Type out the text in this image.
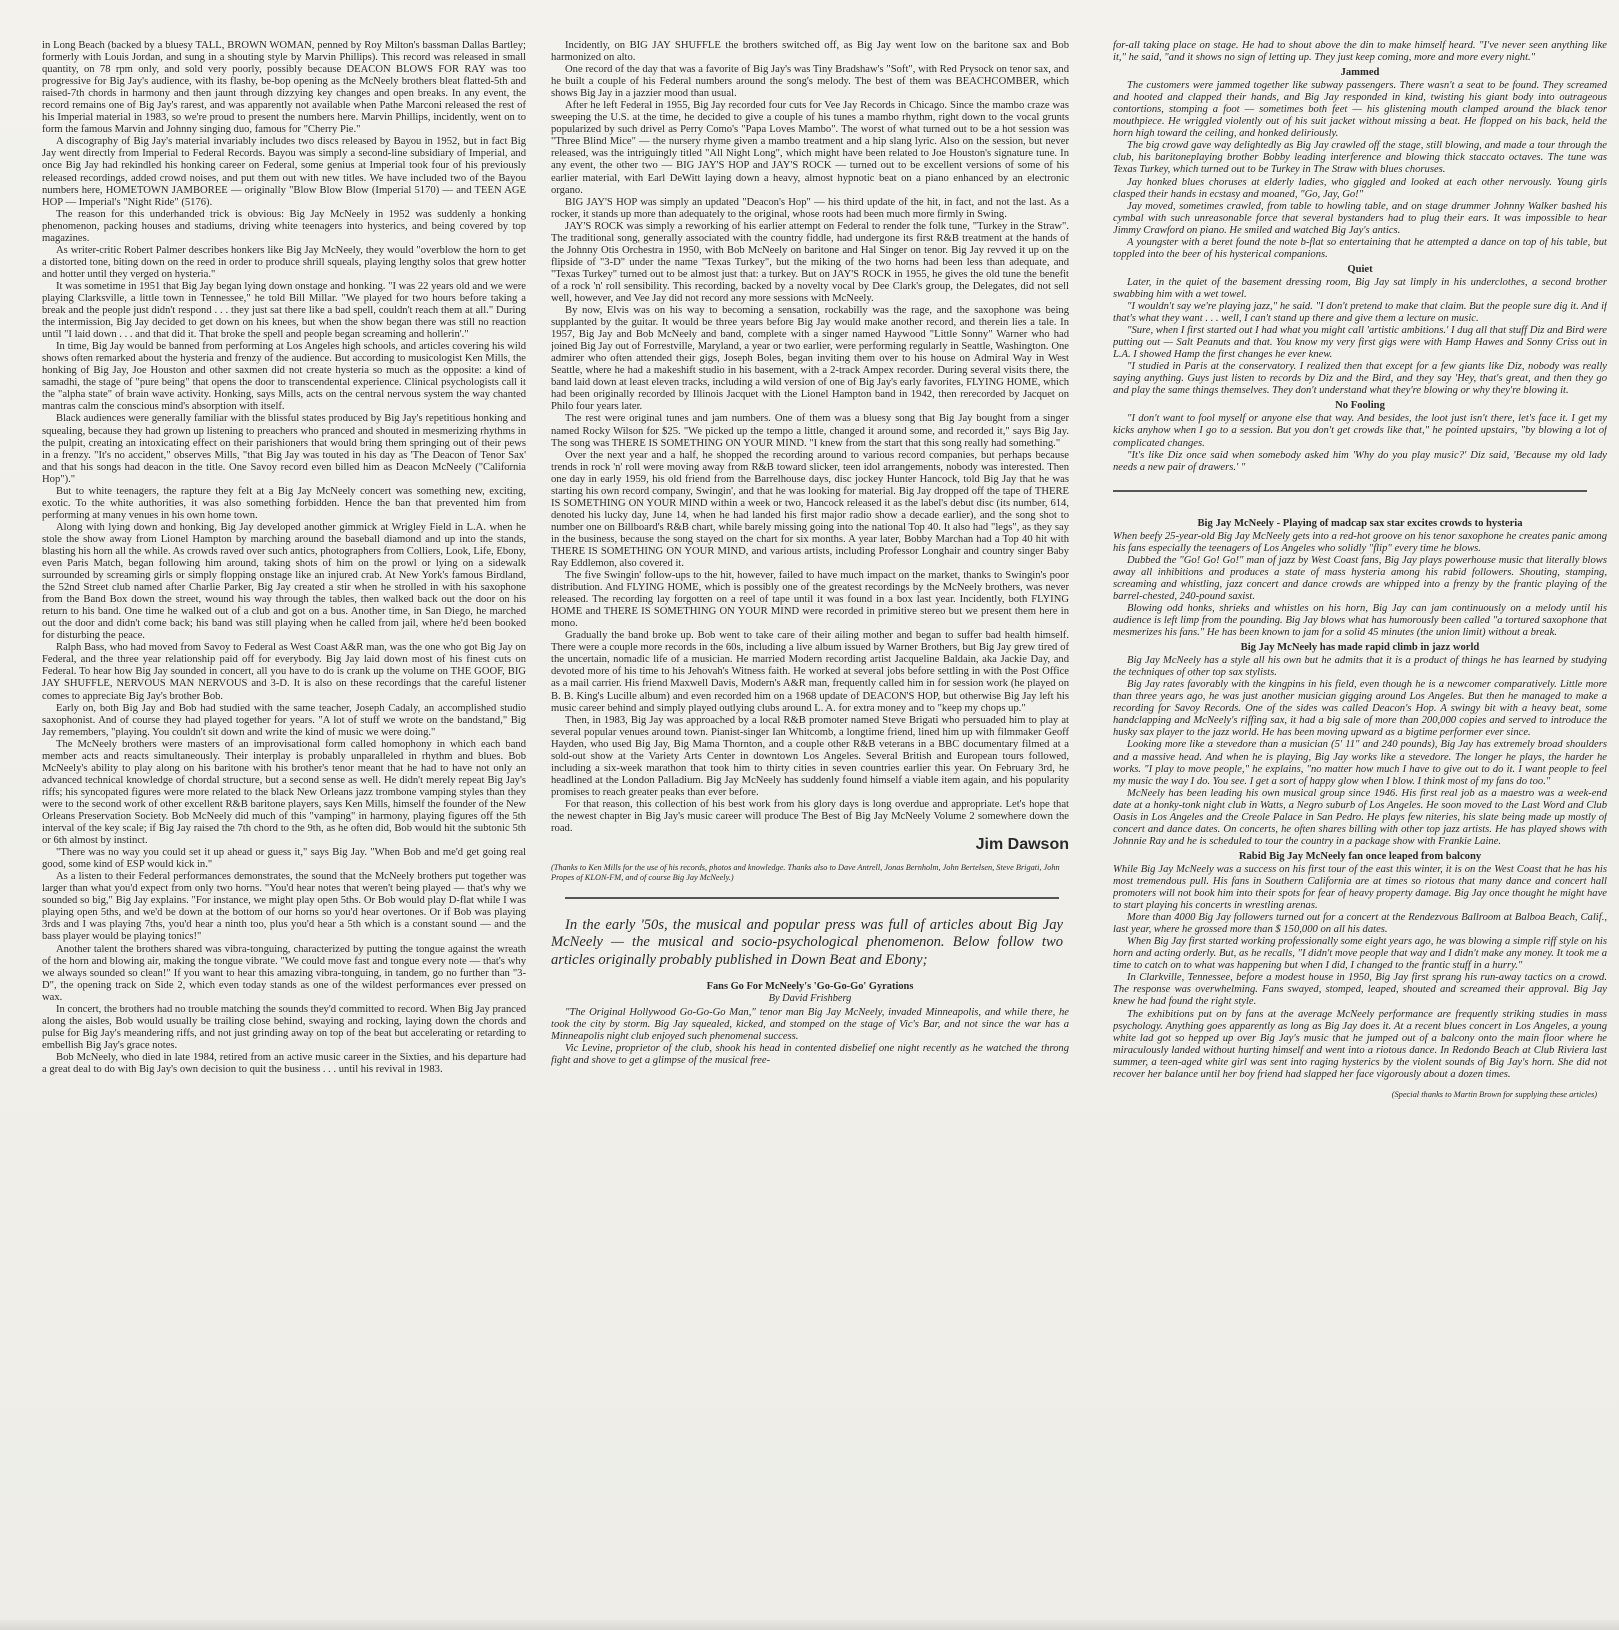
in Long Beach (backed by a bluesy TALL, BROWN WOMAN, penned by Roy Milton's bassman Dallas Bartley; formerly with Louis Jordan, and sung in a shouting style by Marvin Phillips). This record was released in small quantity, on 78 rpm only, and sold very poorly, possibly because DEACON BLOWS FOR RAY was too progressive for Big Jay's audience, with its flashy, be-bop opening as the McNeely brothers bleat flatted-5th and raised-7th chords in harmony and then jaunt through dizzying key changes and open breaks. In any event, the record remains one of Big Jay's rarest, and was apparently not available when Pathe Marconi released the rest of his Imperial material in 1983, so we're proud to present the numbers here. Marvin Phillips, incidently, went on to form the famous Marvin and Johnny singing duo, famous for "Cherry Pie."

A discography of Big Jay's material invariably includes two discs released by Bayou in 1952, but in fact Big Jay went directly from Imperial to Federal Records. Bayou was simply a second-line subsidiary of Imperial, and once Big Jay had rekindled his honking career on Federal, some genius at Imperial took four of his previously released recordings, added crowd noises, and put them out with new titles. We have included two of the Bayou numbers here, HOMETOWN JAMBOREE — originally "Blow Blow Blow (Imperial 5170) — and TEEN AGE HOP — Imperial's "Night Ride" (5176).

The reason for this underhanded trick is obvious: Big Jay McNeely in 1952 was suddenly a honking phenomenon, packing houses and stadiums, driving white teenagers into hysterics, and being covered by top magazines.

As writer-critic Robert Palmer describes honkers like Big Jay McNeely, they would "overblow the horn to get a distorted tone, biting down on the reed in order to produce shrill squeals, playing lengthy solos that grew hotter and hotter until they verged on hysteria."

It was sometime in 1951 that Big Jay began lying down onstage and honking. "I was 22 years old and we were playing Clarksville, a little town in Tennessee," he told Bill Millar. "We played for two hours before taking a break and the people just didn't respond . . . they just sat there like a bad spell, couldn't reach them at all." During the intermission, Big Jay decided to get down on his knees, but when the show began there was still no reaction until "I laid down . . . and that did it. That broke the spell and people began screaming and hollerin'."

In time, Big Jay would be banned from performing at Los Angeles high schools, and articles covering his wild shows often remarked about the hysteria and frenzy of the audience. But according to musicologist Ken Mills, the honking of Big Jay, Joe Houston and other saxmen did not create hysteria so much as the opposite: a kind of samadhi, the stage of "pure being" that opens the door to transcendental experience. Clinical psychologists call it the "alpha state" of brain wave activity. Honking, says Mills, acts on the central nervous system the way chanted mantras calm the conscious mind's absorption with itself.

Black audiences were generally familiar with the blissful states produced by Big Jay's repetitious honking and squealing, because they had grown up listening to preachers who pranced and shouted in mesmerizing rhythms in the pulpit, creating an intoxicating effect on their parishioners that would bring them springing out of their pews in a frenzy. "It's no accident," observes Mills, "that Big Jay was touted in his day as 'The Deacon of Tenor Sax' and that his songs had deacon in the title. One Savoy record even billed him as Deacon McNeely ("California Hop")."

But to white teenagers, the rapture they felt at a Big Jay McNeely concert was something new, exciting, exotic. To the white authorities, it was also something forbidden. Hence the ban that prevented him from performing at many venues in his own home town.

Along with lying down and honking, Big Jay developed another gimmick at Wrigley Field in L.A. when he stole the show away from Lionel Hampton by marching around the baseball diamond and up into the stands, blasting his horn all the while. As crowds raved over such antics, photographers from Colliers, Look, Life, Ebony, even Paris Match, began following him around, taking shots of him on the prowl or lying on a sidewalk surrounded by screaming girls or simply flopping onstage like an injured crab. At New York's famous Birdland, the 52nd Street club named after Charlie Parker, Big Jay created a stir when he strolled in with his saxophone from the Band Box down the street, wound his way through the tables, then walked back out the door on his return to his band. One time he walked out of a club and got on a bus. Another time, in San Diego, he marched out the door and didn't come back; his band was still playing when he called from jail, where he'd been booked for disturbing the peace.

Ralph Bass, who had moved from Savoy to Federal as West Coast A&R man, was the one who got Big Jay on Federal, and the three year relationship paid off for everybody. Big Jay laid down most of his finest cuts on Federal. To hear how Big Jay sounded in concert, all you have to do is crank up the volume on THE GOOF, BIG JAY SHUFFLE, NERVOUS MAN NERVOUS and 3-D. It is also on these recordings that the careful listener comes to appreciate Big Jay's brother Bob.

Early on, both Big Jay and Bob had studied with the same teacher, Joseph Cadaly, an accomplished studio saxophonist. And of course they had played together for years. "A lot of stuff we wrote on the bandstand," Big Jay remembers, "playing. You couldn't sit down and write the kind of music we were doing."

The McNeely brothers were masters of an improvisational form called homophony in which each band member acts and reacts simultaneously. Their interplay is probably unparalleled in rhythm and blues. Bob McNeely's ability to play along on his baritone with his brother's tenor meant that he had to have not only an advanced technical knowledge of chordal structure, but a second sense as well. He didn't merely repeat Big Jay's riffs; his syncopated figures were more related to the black New Orleans jazz trombone vamping styles than they were to the second work of other excellent R&B baritone players, says Ken Mills, himself the founder of the New Orleans Preservation Society. Bob McNeely did much of this "vamping" in harmony, playing figures off the 5th interval of the key scale; if Big Jay raised the 7th chord to the 9th, as he often did, Bob would hit the subtonic 5th or 6th almost by instinct.

"There was no way you could set it up ahead or guess it," says Big Jay. "When Bob and me'd get going real good, some kind of ESP would kick in."

As a listen to their Federal performances demonstrates, the sound that the McNeely brothers put together was larger than what you'd expect from only two horns. "You'd hear notes that weren't being played — that's why we sounded so big," Big Jay explains. "For instance, we might play open 5ths. Or Bob would play D-flat while I was playing open 5ths, and we'd be down at the bottom of our horns so you'd hear overtones. Or if Bob was playing 3rds and I was playing 7ths, you'd hear a ninth too, plus you'd hear a 5th which is a constant sound — and the bass player would be playing tonics!"

Another talent the brothers shared was vibra-tonguing, characterized by putting the tongue against the wreath of the horn and blowing air, making the tongue vibrate. "We could move fast and tongue every note — that's why we always sounded so clean!" If you want to hear this amazing vibra-tonguing, in tandem, go no further than "3-D", the opening track on Side 2, which even today stands as one of the wildest performances ever pressed on wax.

In concert, the brothers had no trouble matching the sounds they'd committed to record. When Big Jay pranced along the aisles, Bob would usually be trailing close behind, swaying and rocking, laying down the chords and pulse for Big Jay's meandering riffs, and not just grinding away on top of the beat but accelerating or retarding to embellish Big Jay's grace notes.

Bob McNeely, who died in late 1984, retired from an active music career in the Sixties, and his departure had a great deal to do with Big Jay's own decision to quit the business . . . until his revival in 1983.

Incidently, on BIG JAY SHUFFLE the brothers switched off, as Big Jay went low on the baritone sax and Bob harmonized on alto.

One record of the day that was a favorite of Big Jay's was Tiny Bradshaw's "Soft", with Red Prysock on tenor sax, and he built a couple of his Federal numbers around the song's melody. The best of them was BEACHCOMBER, which shows Big Jay in a jazzier mood than usual.

After he left Federal in 1955, Big Jay recorded four cuts for Vee Jay Records in Chicago. Since the mambo craze was sweeping the U.S. at the time, he decided to give a couple of his tunes a mambo rhythm, right down to the vocal grunts popularized by such drivel as Perry Como's "Papa Loves Mambo". The worst of what turned out to be a hot session was "Three Blind Mice" — the nursery rhyme given a mambo treatment and a hip slang lyric. Also on the session, but never released, was the intriguingly titled "All Night Long", which might have been related to Joe Houston's signature tune. In any event, the other two — BIG JAY'S HOP and JAY'S ROCK — turned out to be excellent versions of some of his earlier material, with Earl DeWitt laying down a heavy, almost hypnotic beat on a piano enhanced by an electronic organo.

BIG JAY'S HOP was simply an updated "Deacon's Hop" — his third update of the hit, in fact, and not the last. As a rocker, it stands up more than adequately to the original, whose roots had been much more firmly in Swing.

JAY'S ROCK was simply a reworking of his earlier attempt on Federal to render the folk tune, "Turkey in the Straw". The traditional song, generally associated with the country fiddle, had undergone its first R&B treatment at the hands of the Johnny Otis Orchestra in 1950, with Bob McNeely on baritone and Hal Singer on tenor. Big Jay revved it up on the flipside of "3-D" under the name "Texas Turkey", but the miking of the two horns had been less than adequate, and "Texas Turkey" turned out to be almost just that: a turkey. But on JAY'S ROCK in 1955, he gives the old tune the benefit of a rock 'n' roll sensibility. This recording, backed by a novelty vocal by Dee Clark's group, the Delegates, did not sell well, however, and Vee Jay did not record any more sessions with McNeely.

By now, Elvis was on his way to becoming a sensation, rockabilly was the rage, and the saxophone was being supplanted by the guitar. It would be three years before Big Jay would make another record, and therein lies a tale. In 1957, Big Jay and Bob McNeely and band, complete with a singer named Haywood "Little Sonny" Warner who had joined Big Jay out of Forrestville, Maryland, a year or two earlier, were performing regularly in Seattle, Washington. One admirer who often attended their gigs, Joseph Boles, began inviting them over to his house on Admiral Way in West Seattle, where he had a makeshift studio in his basement, with a 2-track Ampex recorder. During several visits there, the band laid down at least eleven tracks, including a wild version of one of Big Jay's early favorites, FLYING HOME, which had been originally recorded by Illinois Jacquet with the Lionel Hampton band in 1942, then rerecorded by Jacquet on Philo four years later.

The rest were original tunes and jam numbers. One of them was a bluesy song that Big Jay bought from a singer named Rocky Wilson for $25. "We picked up the tempo a little, changed it around some, and recorded it," says Big Jay. The song was THERE IS SOMETHING ON YOUR MIND. "I knew from the start that this song really had something."

Over the next year and a half, he shopped the recording around to various record companies, but perhaps because trends in rock 'n' roll were moving away from R&B toward slicker, teen idol arrangements, nobody was interested. Then one day in early 1959, his old friend from the Barrelhouse days, disc jockey Hunter Hancock, told Big Jay that he was starting his own record company, Swingin', and that he was looking for material. Big Jay dropped off the tape of THERE IS SOMETHING ON YOUR MIND within a week or two, Hancock released it as the label's debut disc (its number, 614, denoted his lucky day, June 14, when he had landed his first major radio show a decade earlier), and the song shot to number one on Billboard's R&B chart, while barely missing going into the national Top 40. It also had "legs", as they say in the business, because the song stayed on the chart for six months. A year later, Bobby Marchan had a Top 40 hit with THERE IS SOMETHING ON YOUR MIND, and various artists, including Professor Longhair and country singer Baby Ray Eddlemon, also covered it.

The five Swingin' follow-ups to the hit, however, failed to have much impact on the market, thanks to Swingin's poor distribution. And FLYING HOME, which is possibly one of the greatest recordings by the McNeely brothers, was never released. The recording lay forgotten on a reel of tape until it was found in a box last year. Incidently, both FLYING HOME and THERE IS SOMETHING ON YOUR MIND were recorded in primitive stereo but we present them here in mono.

Gradually the band broke up. Bob went to take care of their ailing mother and began to suffer bad health himself. There were a couple more records in the 60s, including a live album issued by Warner Brothers, but Big Jay grew tired of the uncertain, nomadic life of a musician. He married Modern recording artist Jacqueline Baldain, aka Jackie Day, and devoted more of his time to his Jehovah's Witness faith. He worked at several jobs before settling in with the Post Office as a mail carrier. His friend Maxwell Davis, Modern's A&R man, frequently called him in for session work (he played on B. B. King's Lucille album) and even recorded him on a 1968 update of DEACON'S HOP, but otherwise Big Jay left his music career behind and simply played outlying clubs around L. A. for extra money and to "keep my chops up."

Then, in 1983, Big Jay was approached by a local R&B promoter named Steve Brigati who persuaded him to play at several popular venues around town. Pianist-singer Ian Whitcomb, a longtime friend, lined him up with filmmaker Geoff Hayden, who used Big Jay, Big Mama Thornton, and a couple other R&B veterans in a BBC documentary filmed at a sold-out show at the Variety Arts Center in downtown Los Angeles. Several British and European tours followed, including a six-week marathon that took him to thirty cities in seven countries earlier this year. On February 3rd, he headlined at the London Palladium. Big Jay McNeely has suddenly found himself a viable item again, and his popularity promises to reach greater peaks than ever before.

For that reason, this collection of his best work from his glory days is long overdue and appropriate. Let's hope that the newest chapter in Big Jay's music career will produce The Best of Big Jay McNeely Volume 2 somewhere down the road.

Jim Dawson

(Thanks to Ken Mills for the use of his records, photos and knowledge. Thanks also to Dave Antrell, Jonas Bernholm, John Bertelsen, Steve Brigati, John Propes of KLON-FM, and of course Big Jay McNeely.)

In the early '50s, the musical and popular press was full of articles about Big Jay McNeely — the musical and socio-psychological phenomenon. Below follow two articles originally probably published in Down Beat and Ebony;

Fans Go For McNeely's 'Go-Go-Go' Gyrations
By David Frishberg

"The Original Hollywood Go-Go-Go Man," tenor man Big Jay McNeely, invaded Minneapolis, and while there, he took the city by storm. Big Jay squealed, kicked, and stomped on the stage of Vic's Bar, and not since the war has a Minneapolis night club enjoyed such phenomenal success.

Vic Levine, proprietor of the club, shook his head in contented disbelief one night recently as he watched the throng fight and shove to get a glimpse of the musical free-

for-all taking place on stage. He had to shout above the din to make himself heard. "I've never seen anything like it," he said, "and it shows no sign of letting up. They just keep coming, more and more every night."

Jammed

The customers were jammed together like subway passengers. There wasn't a seat to be found. They screamed and hooted and clapped their hands, and Big Jay responded in kind, twisting his giant body into outrageous contortions, stomping a foot — sometimes both feet — his glistening mouth clamped around the black tenor mouthpiece. He wriggled violently out of his suit jacket without missing a beat. He flopped on his back, held the horn high toward the ceiling, and honked deliriously.

The big crowd gave way delightedly as Big Jay crawled off the stage, still blowing, and made a tour through the club, his baritoneplaying brother Bobby leading interference and blowing thick staccato octaves. The tune was Texas Turkey, which turned out to be Turkey in The Straw with blues choruses.

Jay honked blues choruses at elderly ladies, who giggled and looked at each other nervously. Young girls clasped their hands in ecstasy and moaned, "Go, Jay, Go!"

Jay moved, sometimes crawled, from table to howling table, and on stage drummer Johnny Walker bashed his cymbal with such unreasonable force that several bystanders had to plug their ears. It was impossible to hear Jimmy Crawford on piano. He smiled and watched Big Jay's antics.

A youngster with a beret found the note b-flat so entertaining that he attempted a dance on top of his table, but toppled into the beer of his hysterical companions.

Quiet

Later, in the quiet of the basement dressing room, Big Jay sat limply in his underclothes, a second brother swabbing him with a wet towel.

"I wouldn't say we're playing jazz," he said. "I don't pretend to make that claim. But the people sure dig it. And if that's what they want . . . well, I can't stand up there and give them a lecture on music.

"Sure, when I first started out I had what you might call 'artistic ambitions.' I dug all that stuff Diz and Bird were putting out — Salt Peanuts and that. You know my very first gigs were with Hamp Hawes and Sonny Criss out in L.A. I showed Hamp the first changes he ever knew.

"I studied in Paris at the conservatory. I realized then that except for a few giants like Diz, nobody was really saying anything. Guys just listen to records by Diz and the Bird, and they say 'Hey, that's great, and then they go and play the same things themselves. They don't understand what they're blowing or why they're blowing it.

No Fooling

"I don't want to fool myself or anyone else that way. And besides, the loot just isn't there, let's face it. I get my kicks anyhow when I go to a session. But you don't get crowds like that," he pointed upstairs, "by blowing a lot of complicated changes.

"It's like Diz once said when somebody asked him 'Why do you play music?' Diz said, 'Because my old lady needs a new pair of drawers.' "

Big Jay McNeely - Playing of madcap sax star excites crowds to hysteria

When beefy 25-year-old Big Jay McNeely gets into a red-hot groove on his tenor saxophone he creates panic among his fans especially the teenagers of Los Angeles who solidly "flip" every time he blows.

Dubbed the "Go! Go! Go!" man of jazz by West Coast fans, Big Jay plays powerhouse music that literally blows away all inhibitions and produces a state of mass hysteria among his rabid followers. Shouting, stamping, screaming and whistling, jazz concert and dance crowds are whipped into a frenzy by the frantic playing of the barrel-chested, 240-pound saxist.

Blowing odd honks, shrieks and whistles on his horn, Big Jay can jam continuously on a melody until his audience is left limp from the pounding. Big Jay blows what has humorously been called "a tortured saxophone that mesmerizes his fans." He has been known to jam for a solid 45 minutes (the union limit) without a break.

Big Jay McNeely has made rapid climb in jazz world

Big Jay McNeely has a style all his own but he admits that it is a product of things he has learned by studying the techniques of other top sax stylists.

Big Jay rates favorably with the kingpins in his field, even though he is a newcomer comparatively. Little more than three years ago, he was just another musician gigging around Los Angeles. But then he managed to make a recording for Savoy Records. One of the sides was called Deacon's Hop. A swingy bit with a heavy beat, some handclapping and McNeely's riffing sax, it had a big sale of more than 200,000 copies and served to introduce the husky sax player to the jazz world. He has been moving upward as a bigtime performer ever since.

Looking more like a stevedore than a musician (5' 11" and 240 pounds), Big Jay has extremely broad shoulders and a massive head. And when he is playing, Big Jay works like a stevedore. The longer he plays, the harder he works. "I play to move people," he explains, "no matter how much I have to give out to do it. I want people to feel my music the way I do. You see. I get a sort of happy glow when I blow. I think most of my fans do too."

McNeely has been leading his own musical group since 1946. His first real job as a maestro was a week-end date at a honky-tonk night club in Watts, a Negro suburb of Los Angeles. He soon moved to the Last Word and Club Oasis in Los Angeles and the Creole Palace in San Pedro. He plays few niteries, his slate being made up mostly of concert and dance dates. On concerts, he often shares billing with other top jazz artists. He has played shows with Johnnie Ray and he is scheduled to tour the country in a package show with Frankie Laine.

Rabid Big Jay McNeely fan once leaped from balcony

While Big Jay McNeely was a success on his first tour of the east this winter, it is on the West Coast that he has his most tremendous pull. His fans in Southern California are at times so riotous that many dance and concert hall promoters will not book him into their spots for fear of heavy property damage. Big Jay once thought he might have to start playing his concerts in wrestling arenas.

More than 4000 Big Jay followers turned out for a concert at the Rendezvous Ballroom at Balboa Beach, Calif., last year, where he grossed more than $ 150,000 on all his dates.

When Big Jay first started working professionally some eight years ago, he was blowing a simple riff style on his horn and acting orderly. But, as he recalls, "I didn't move people that way and I didn't make any money. It took me a time to catch on to what was happening but when I did, I changed to the frantic stuff in a hurry."

In Clarkville, Tennessee, before a modest house in 1950, Big Jay first sprang his run-away tactics on a crowd. The response was overwhelming. Fans swayed, stomped, leaped, shouted and screamed their approval. Big Jay knew he had found the right style.

The exhibitions put on by fans at the average McNeely performance are frequently striking studies in mass psychology. Anything goes apparently as long as Big Jay does it. At a recent blues concert in Los Angeles, a young white lad got so hepped up over Big Jay's music that he jumped out of a balcony onto the main floor where he miraculously landed without hurting himself and went into a riotous dance. In Redondo Beach at Club Riviera last summer, a teen-aged white girl was sent into raging hysterics by the violent sounds of Big Jay's horn. She did not recover her balance until her boy friend had slapped her face vigorously about a dozen times.

(Special thanks to Martin Brown for supplying these articles)
